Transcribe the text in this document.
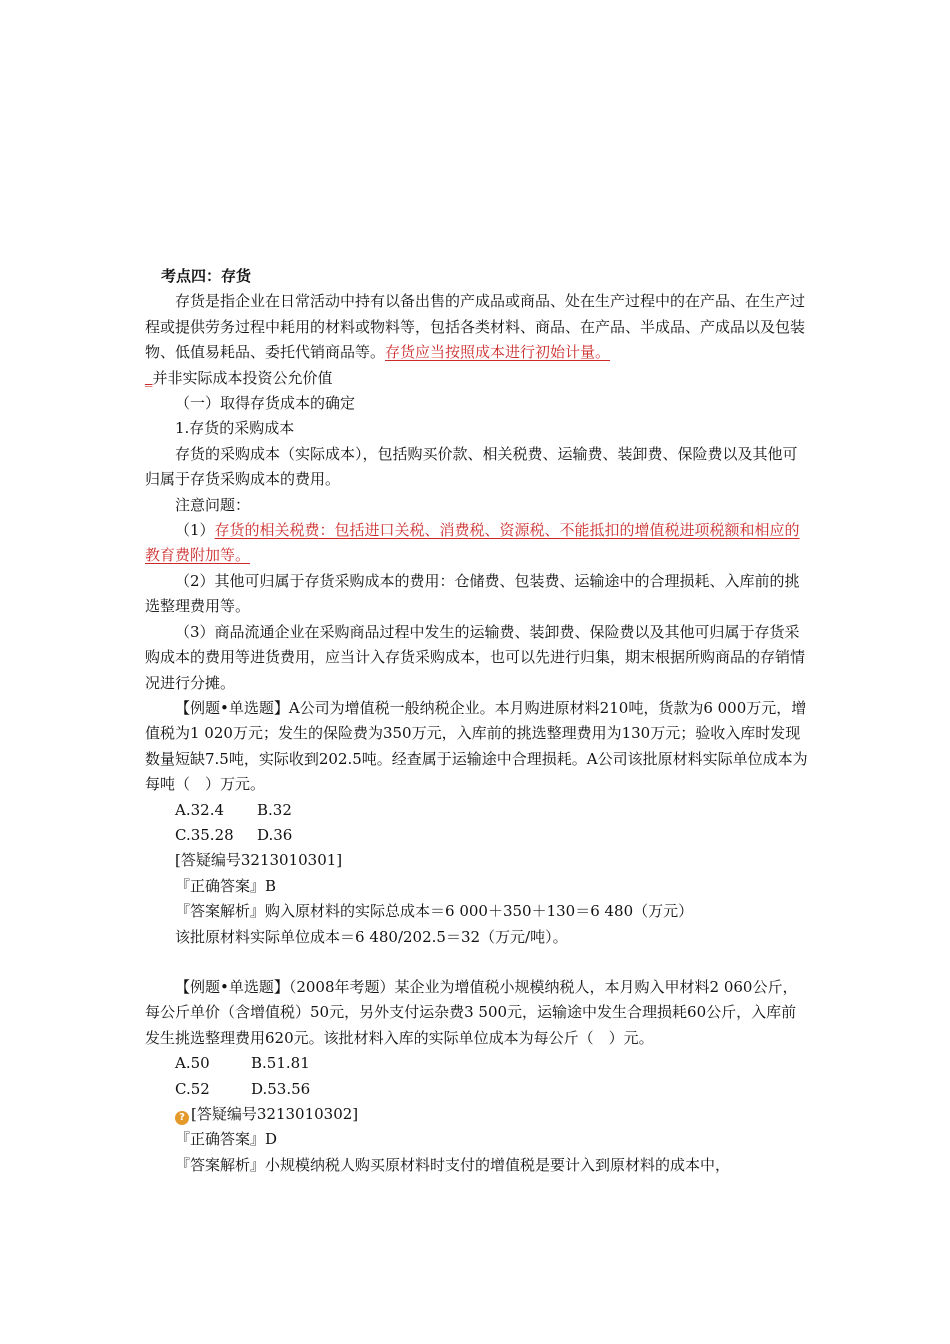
考点四：存货

存货是指企业在日常活动中持有以备出售的产成品或商品、处在生产过程中的在产品、在生产过程或提供劳务过程中耗用的材料或物料等，包括各类材料、商品、在产品、半成品、产成品以及包装物、低值易耗品、委托代销商品等。存货应当按照成本进行初始计量。

_并非实际成本投资公允价值

（一）取得存货成本的确定

1.存货的采购成本

存货的采购成本（实际成本），包括购买价款、相关税费、运输费、装卸费、保险费以及其他可归属于存货采购成本的费用。

注意问题：

（1）存货的相关税费：包括进口关税、消费税、资源税、不能抵扣的增值税进项税额和相应的教育费附加等。

（2）其他可归属于存货采购成本的费用：仓储费、包装费、运输途中的合理损耗、入库前的挑选整理费用等。

（3）商品流通企业在采购商品过程中发生的运输费、装卸费、保险费以及其他可归属于存货采购成本的费用等进货费用，应当计入存货采购成本，也可以先进行归集，期末根据所购商品的存销情况进行分摊。

【例题•单选题】A公司为增值税一般纳税企业。本月购进原材料210吨，货款为6 000万元，增值税为1 020万元；发生的保险费为350万元，入库前的挑选整理费用为130万元；验收入库时发现数量短缺7.5吨，实际收到202.5吨。经查属于运输途中合理损耗。A公司该批原材料实际单位成本为每吨（　）万元。

A.32.4 B.32

C.35.28 D.36

[答疑编号3213010301]

『正确答案』B

『答案解析』购入原材料的实际总成本＝6 000＋350＋130＝6 480（万元）

该批原材料实际单位成本＝6 480/202.5＝32（万元/吨）。

【例题•单选题】（2008年考题）某企业为增值税小规模纳税人，本月购入甲材料2 060公斤，每公斤单价（含增值税）50元，另外支付运杂费3 500元，运输途中发生合理损耗60公斤，入库前发生挑选整理费用620元。该批材料入库的实际单位成本为每公斤（　）元。

A.50	B.51.81

C.52	D.53.56

? [答疑编号3213010302]

『正确答案』D

『答案解析』小规模纳税人购买原材料时支付的增值税是要计入到原材料的成本中，
